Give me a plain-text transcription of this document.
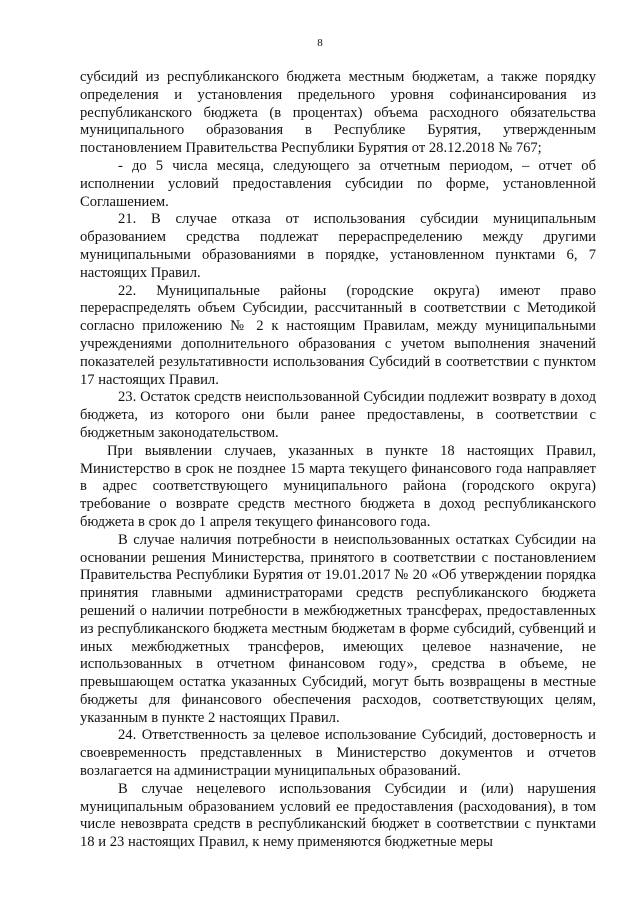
8

субсидий из республиканского бюджета местным бюджетам, а также порядку определения и установления предельного уровня софинансирования из республиканского бюджета (в процентах) объема расходного обязательства муниципального образования в Республике Бурятия, утвержденным постановлением Правительства Республики Бурятия от 28.12.2018 № 767;

- до 5 числа месяца, следующего за отчетным периодом, – отчет об исполнении условий предоставления субсидии по форме, установленной Соглашением.

21. В случае отказа от использования субсидии муниципальным образованием средства подлежат перераспределению между другими муниципальными образованиями в порядке, установленном пунктами 6, 7 настоящих Правил.

22. Муниципальные районы (городские округа) имеют право перераспределять объем Субсидии, рассчитанный в соответствии с Методикой согласно приложению № 2 к настоящим Правилам, между муниципальными учреждениями дополнительного образования с учетом выполнения значений показателей результативности использования Субсидий в соответствии с пунктом 17 настоящих Правил.

23. Остаток средств неиспользованной Субсидии подлежит возврату в доход бюджета, из которого они были ранее предоставлены, в соответствии с бюджетным законодательством.

При выявлении случаев, указанных в пункте 18 настоящих Правил, Министерство в срок не позднее 15 марта текущего финансового года направляет в адрес соответствующего муниципального района (городского округа) требование о возврате средств местного бюджета в доход республиканского бюджета в срок до 1 апреля текущего финансового года.

В случае наличия потребности в неиспользованных остатках Субсидии на основании решения Министерства, принятого в соответствии с постановлением Правительства Республики Бурятия от 19.01.2017 № 20 «Об утверждении порядка принятия главными администраторами средств республиканского бюджета решений о наличии потребности в межбюджетных трансферах, предоставленных из республиканского бюджета местным бюджетам в форме субсидий, субвенций и иных межбюджетных трансферов, имеющих целевое назначение, не использованных в отчетном финансовом году», средства в объеме, не превышающем остатка указанных Субсидий, могут быть возвращены в местные бюджеты для финансового обеспечения расходов, соответствующих целям, указанным в пункте 2 настоящих Правил.

24. Ответственность за целевое использование Субсидий, достоверность и своевременность представленных в Министерство документов и отчетов возлагается на администрации муниципальных образований.

В случае нецелевого использования Субсидии и (или) нарушения муниципальным образованием условий ее предоставления (расходования), в том числе невозврата средств в республиканский бюджет в соответствии с пунктами 18 и 23 настоящих Правил, к нему применяются бюджетные меры
